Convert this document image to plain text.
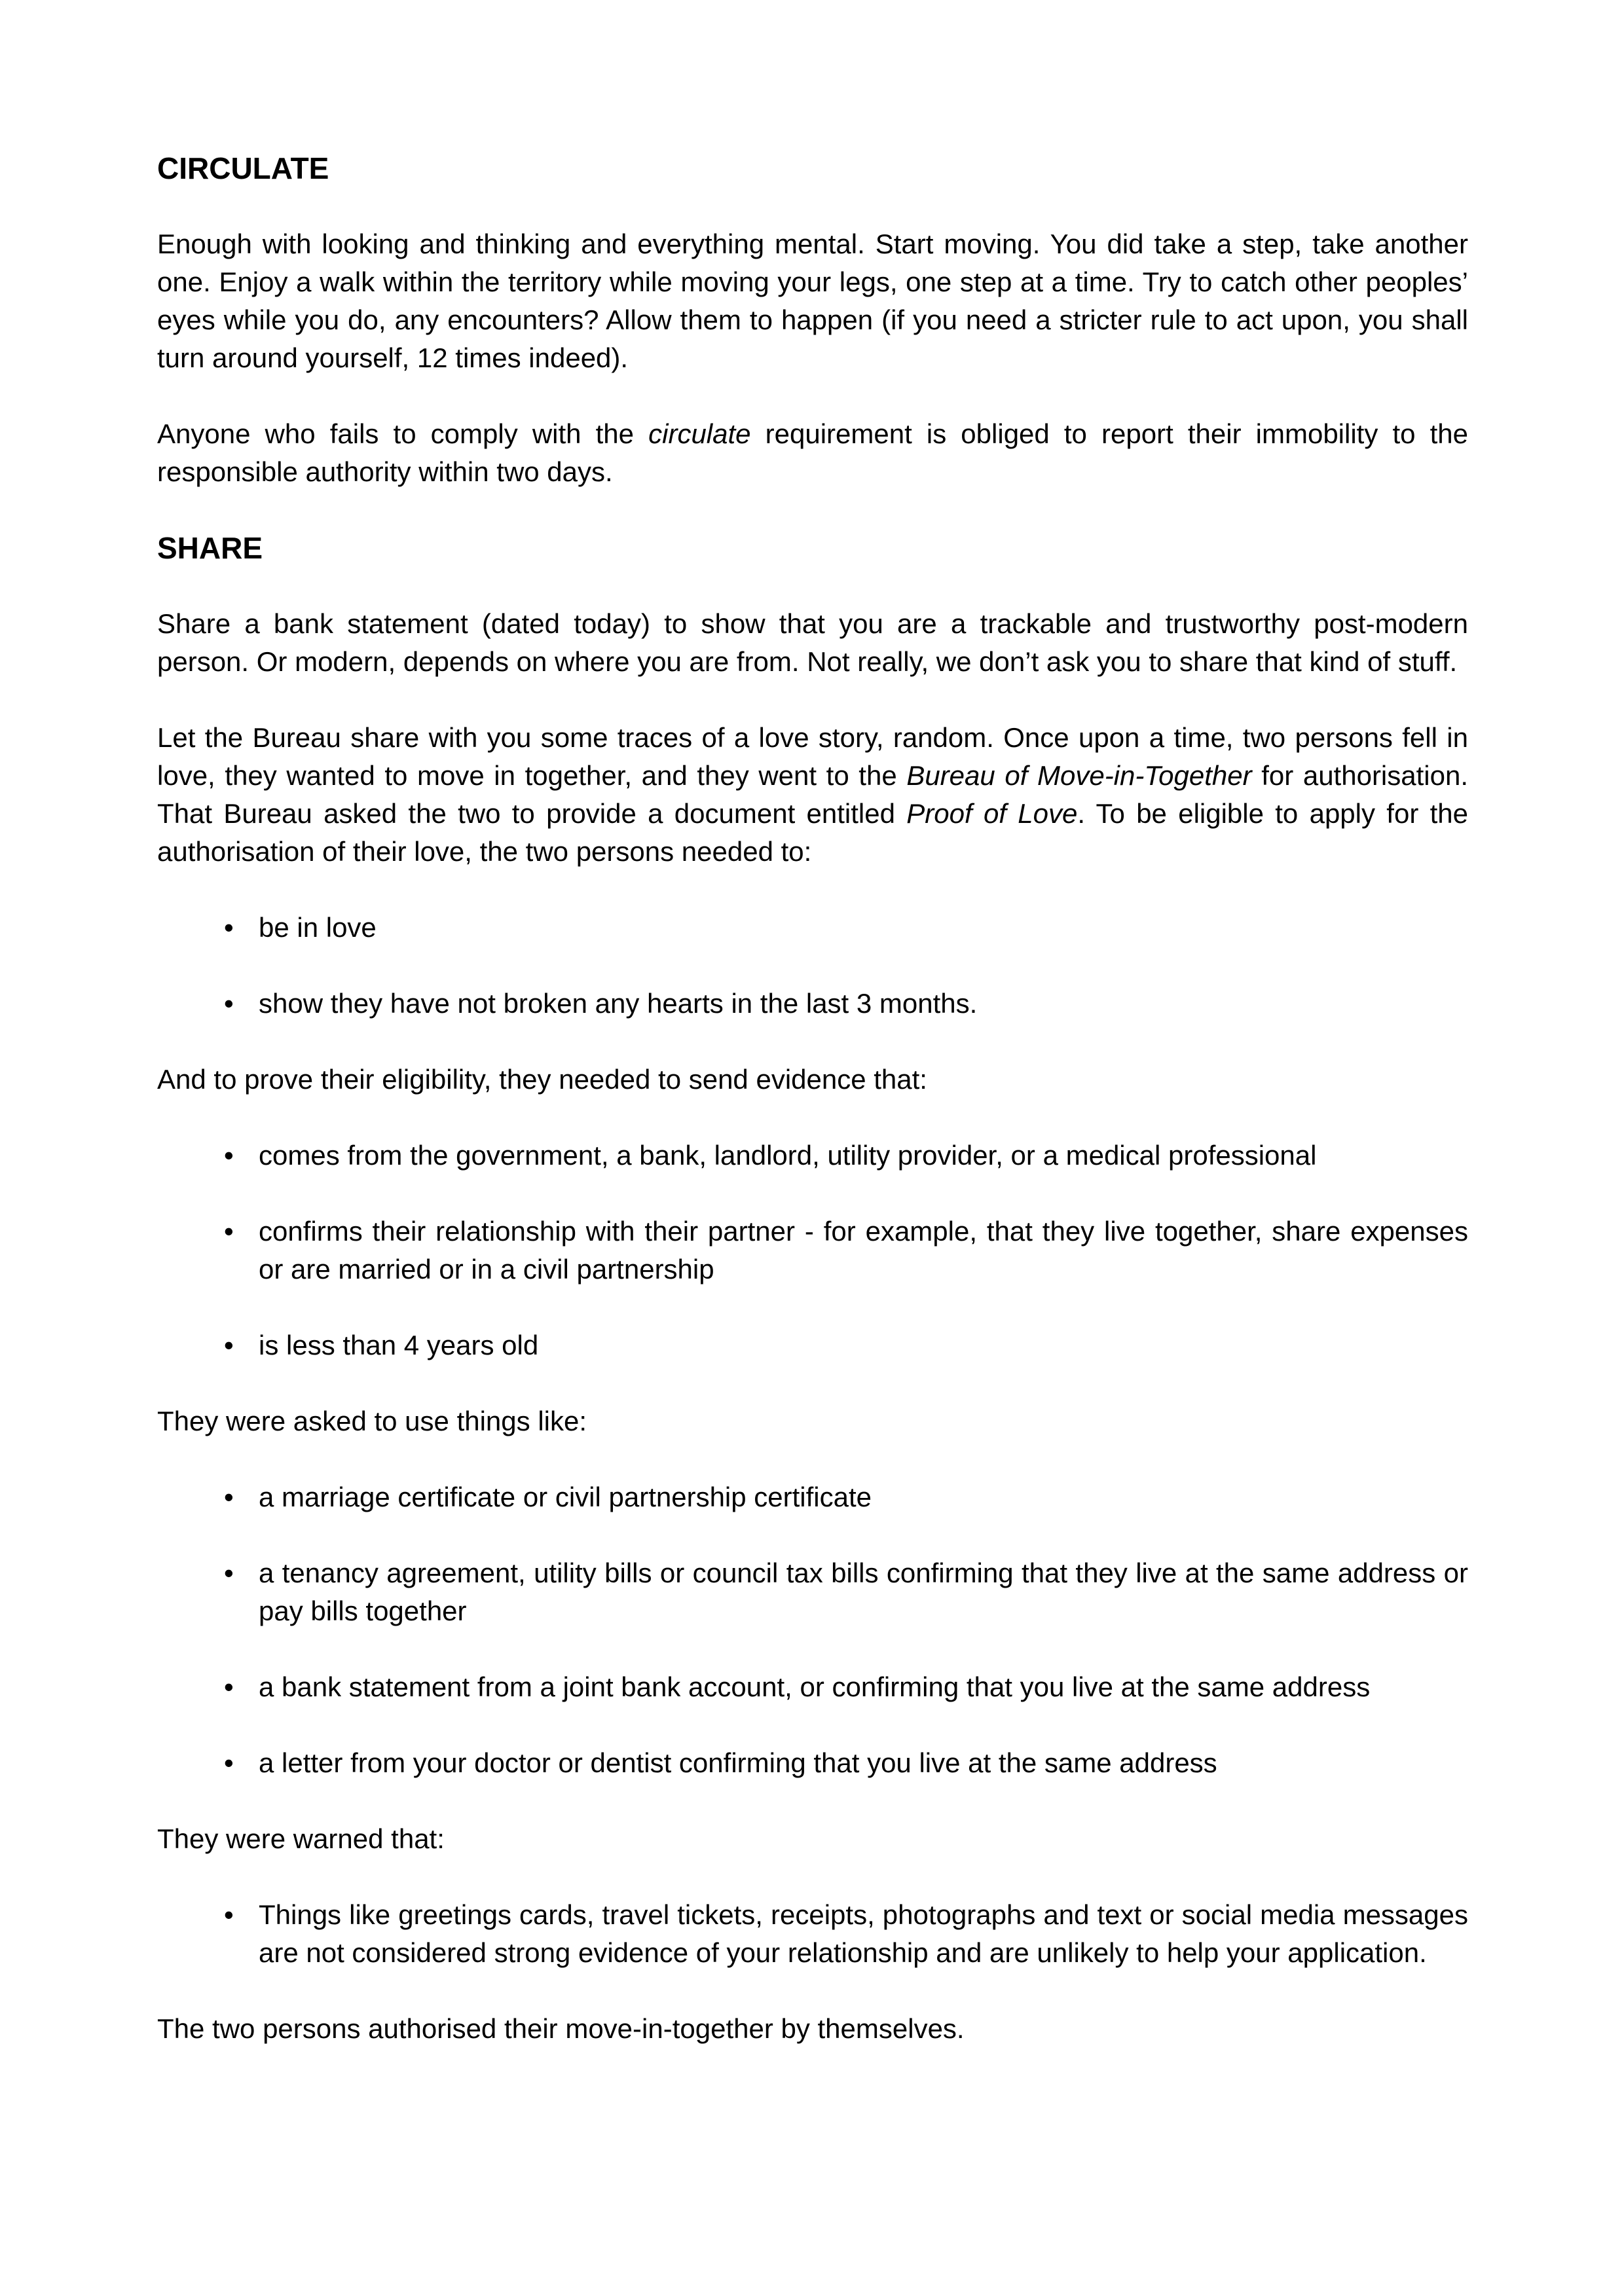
CIRCULATE

Enough with looking and thinking and everything mental. Start moving. You did take a step, take another one. Enjoy a walk within the territory while moving your legs, one step at a time. Try to catch other peoples’ eyes while you do, any encounters? Allow them to happen (if you need a stricter rule to act upon, you shall turn around yourself, 12 times indeed).

Anyone who fails to comply with the circulate requirement is obliged to report their immobility to the responsible authority within two days.

SHARE

Share a bank statement (dated today) to show that you are a trackable and trustworthy post-modern person. Or modern, depends on where you are from. Not really, we don’t ask you to share that kind of stuff.

Let the Bureau share with you some traces of a love story, random. Once upon a time, two persons fell in love, they wanted to move in together, and they went to the Bureau of Move-in-Together for authorisation. That Bureau asked the two to provide a document entitled Proof of Love. To be eligible to apply for the authorisation of their love, the two persons needed to:

• be in love
• show they have not broken any hearts in the last 3 months.

And to prove their eligibility, they needed to send evidence that:

• comes from the government, a bank, landlord, utility provider, or a medical professional
• confirms their relationship with their partner - for example, that they live together, share expenses or are married or in a civil partnership
• is less than 4 years old

They were asked to use things like:

• a marriage certificate or civil partnership certificate
• a tenancy agreement, utility bills or council tax bills confirming that they live at the same address or pay bills together
• a bank statement from a joint bank account, or confirming that you live at the same address
• a letter from your doctor or dentist confirming that you live at the same address

They were warned that:

• Things like greetings cards, travel tickets, receipts, photographs and text or social media messages are not considered strong evidence of your relationship and are unlikely to help your application.

The two persons authorised their move-in-together by themselves.
